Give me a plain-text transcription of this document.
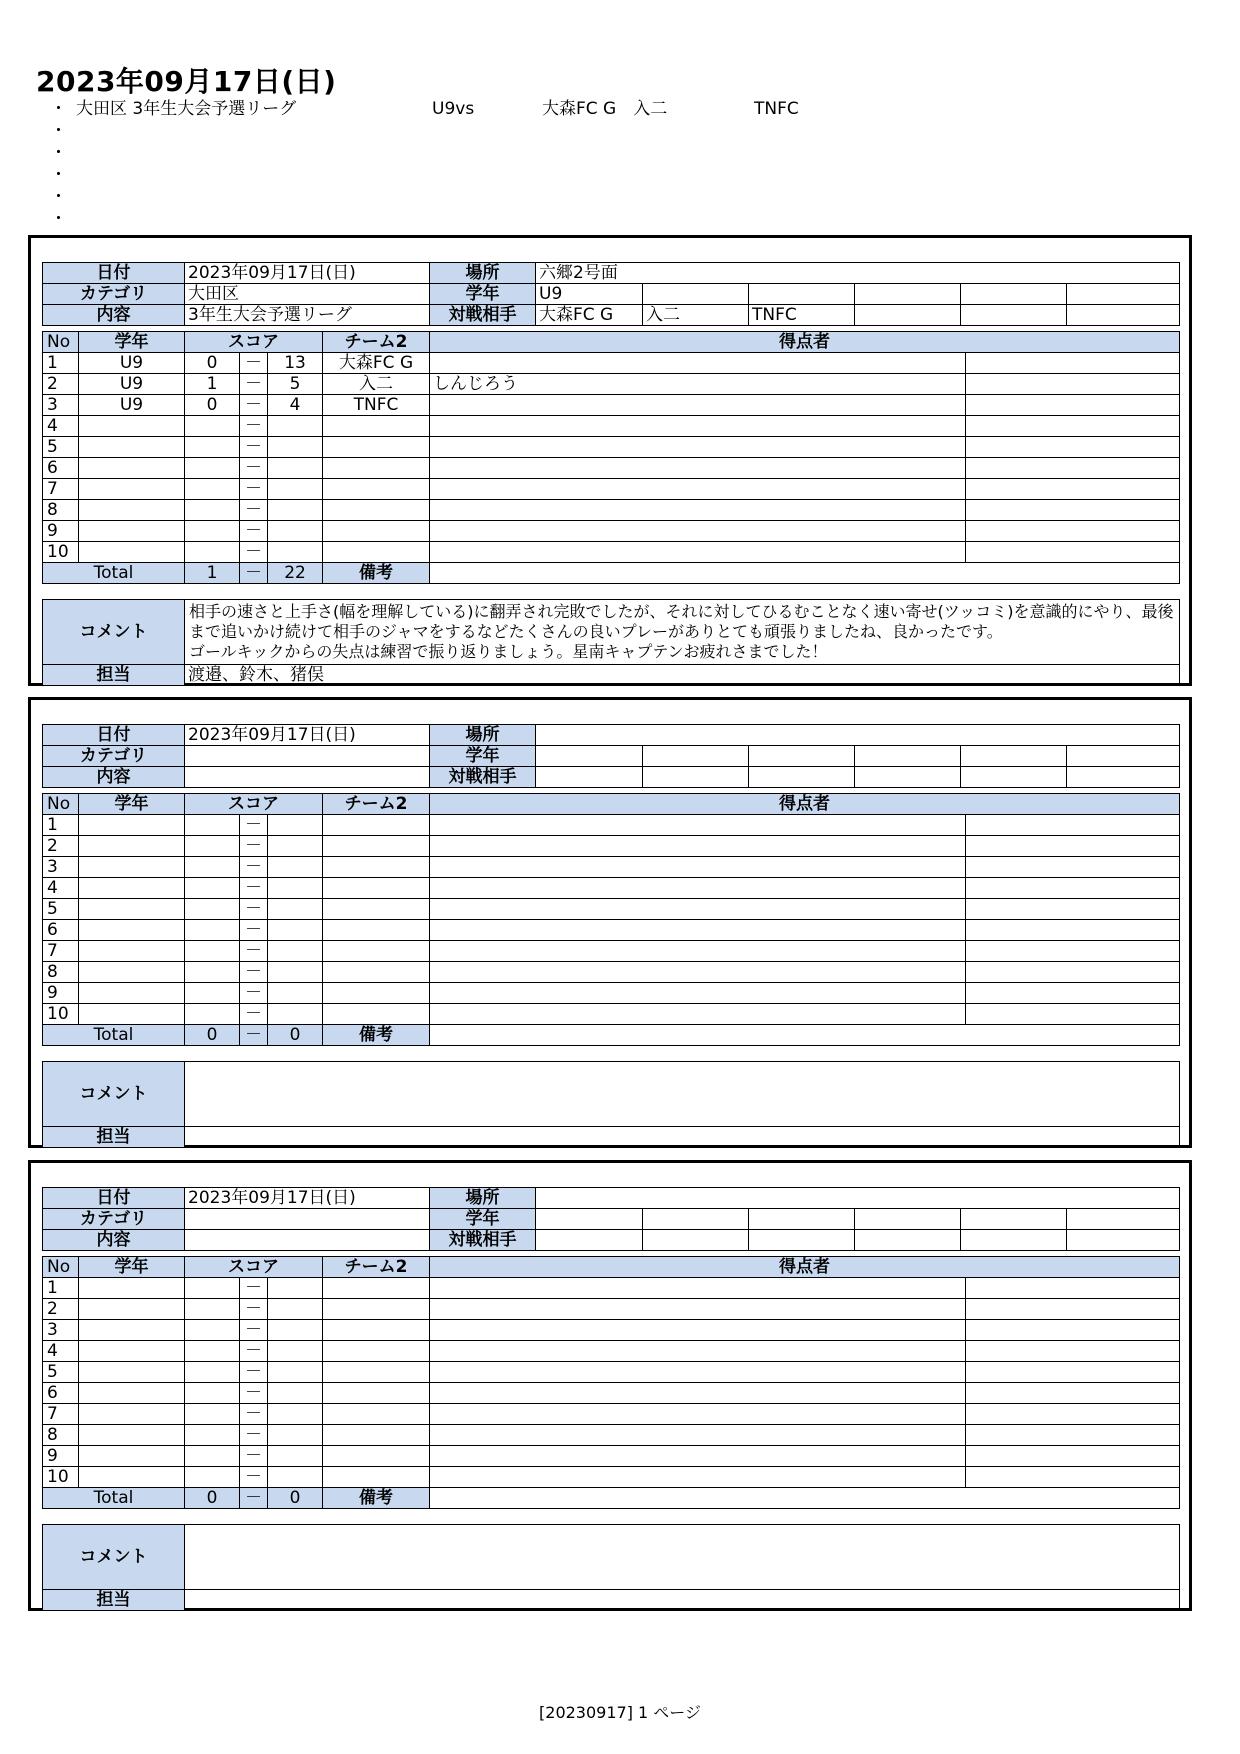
2023年09月17日(日)
・ 大田区 3年生大会予選リーグ	U9vs	大森FC G　入二	TNFC
・
・
・
・
・
日付	2023年09月17日(日)	場所	六郷2号面					
カテゴリ	大田区	学年	U9					
内容	3年生大会予選リーグ	対戦相手	大森FC G	入二	TNFC			
No	学年	スコア			チーム2	得点者	
1	U9	0	－	13	大森FC G		
2	U9	1	－	5	入二	しんじろう	
3	U9	0	－	4	TNFC		
4			－				
5			－				
6			－				
7			－				
8			－				
9			－				
10			－				
Total		1	－	22	備考		
コメント	相手の速さと上手さ(幅を理解している)に翻弄され完敗でしたが、それに対してひるむことなく速い寄せ(ツッコミ)を意識的にやり、最後まで追いかけ続けて相手のジャマをするなどたくさんの良いプレーがありとても頑張りましたね、良かったです。
ゴールキックからの失点は練習で振り返りましょう。星南キャプテンお疲れさまでした！
担当	渡邉、鈴木、猪俣
日付	2023年09月17日(日)	場所						
カテゴリ		学年						
内容		対戦相手						
No	学年	スコア			チーム2	得点者	
1			－				
2			－				
3			－				
4			－				
5			－				
6			－				
7			－				
8			－				
9			－				
10			－				
Total		0	－	0	備考		
コメント	
担当	
日付	2023年09月17日(日)	場所						
カテゴリ		学年						
内容		対戦相手						
No	学年	スコア			チーム2	得点者	
1			－				
2			－				
3			－				
4			－				
5			－				
6			－				
7			－				
8			－				
9			－				
10			－				
Total		0	－	0	備考		
コメント	
担当	
[20230917] 1 ページ
